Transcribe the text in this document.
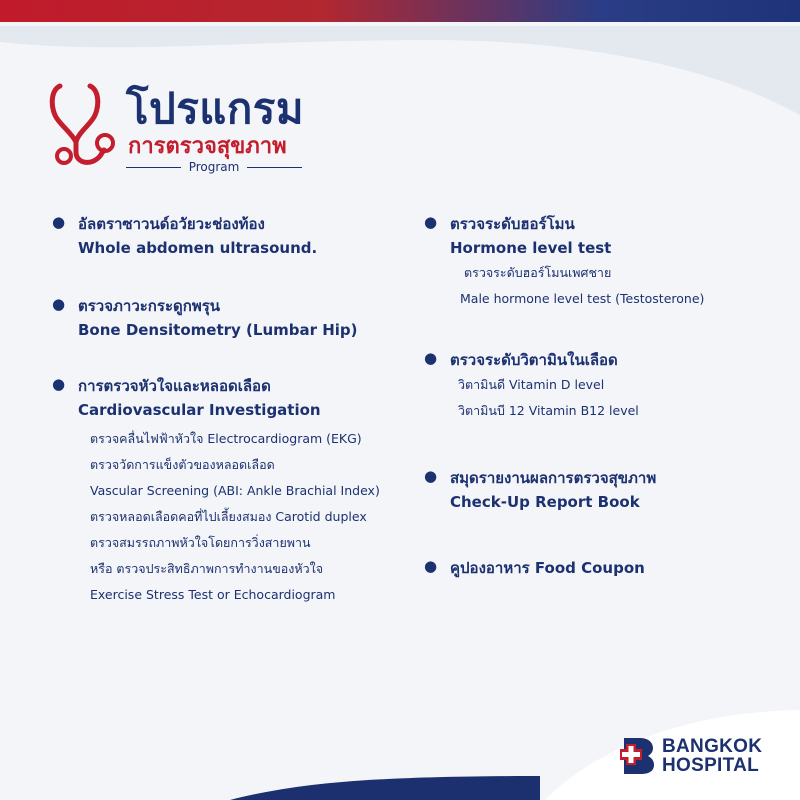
โปรแกรม
การตรวจสุขภาพ
Program
● อัลตราซาวนด์อวัยวะช่องท้อง
Whole abdomen ultrasound.
● ตรวจภาวะกระดูกพรุน
Bone Densitometry (Lumbar Hip)
● การตรวจหัวใจและหลอดเลือด
Cardiovascular Investigation
ตรวจคลื่นไฟฟ้าหัวใจ Electrocardiogram (EKG)
ตรวจวัดการแข็งตัวของหลอดเลือด
Vascular Screening (ABI: Ankle Brachial Index)
ตรวจหลอดเลือดคอที่ไปเลี้ยงสมอง Carotid duplex
ตรวจสมรรถภาพหัวใจโดยการวิ่งสายพาน
หรือ ตรวจประสิทธิภาพการทำงานของหัวใจ
Exercise Stress Test or Echocardiogram
● ตรวจระดับฮอร์โมน
Hormone level test
ตรวจระดับฮอร์โมนเพศชาย
Male hormone level test (Testosterone)
● ตรวจระดับวิตามินในเลือด
วิตามินดี Vitamin D level
วิตามินบี 12 Vitamin B12 level
● สมุดรายงานผลการตรวจสุขภาพ
Check-Up Report Book
● คูปองอาหาร Food Coupon
BANGKOK
HOSPITAL
